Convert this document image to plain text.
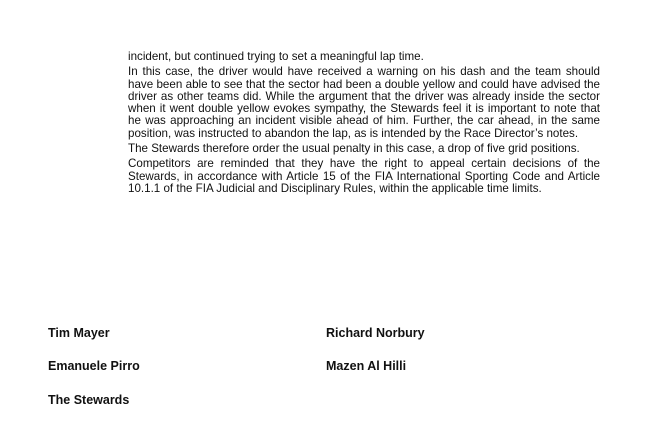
incident, but continued trying to set a meaningful lap time.

In this case, the driver would have received a warning on his dash and the team should have been able to see that the sector had been a double yellow and could have advised the driver as other teams did. While the argument that the driver was already inside the sector when it went double yellow evokes sympathy, the Stewards feel it is important to note that he was approaching an incident visible ahead of him. Further, the car ahead, in the same position, was instructed to abandon the lap, as is intended by the Race Director’s notes.

The Stewards therefore order the usual penalty in this case, a drop of five grid positions.

Competitors are reminded that they have the right to appeal certain decisions of the Stewards, in accordance with Article 15 of the FIA International Sporting Code and Article 10.1.1 of the FIA Judicial and Disciplinary Rules, within the applicable time limits.

Tim Mayer	Richard Norbury
Emanuele Pirro	Mazen Al Hilli
The Stewards
